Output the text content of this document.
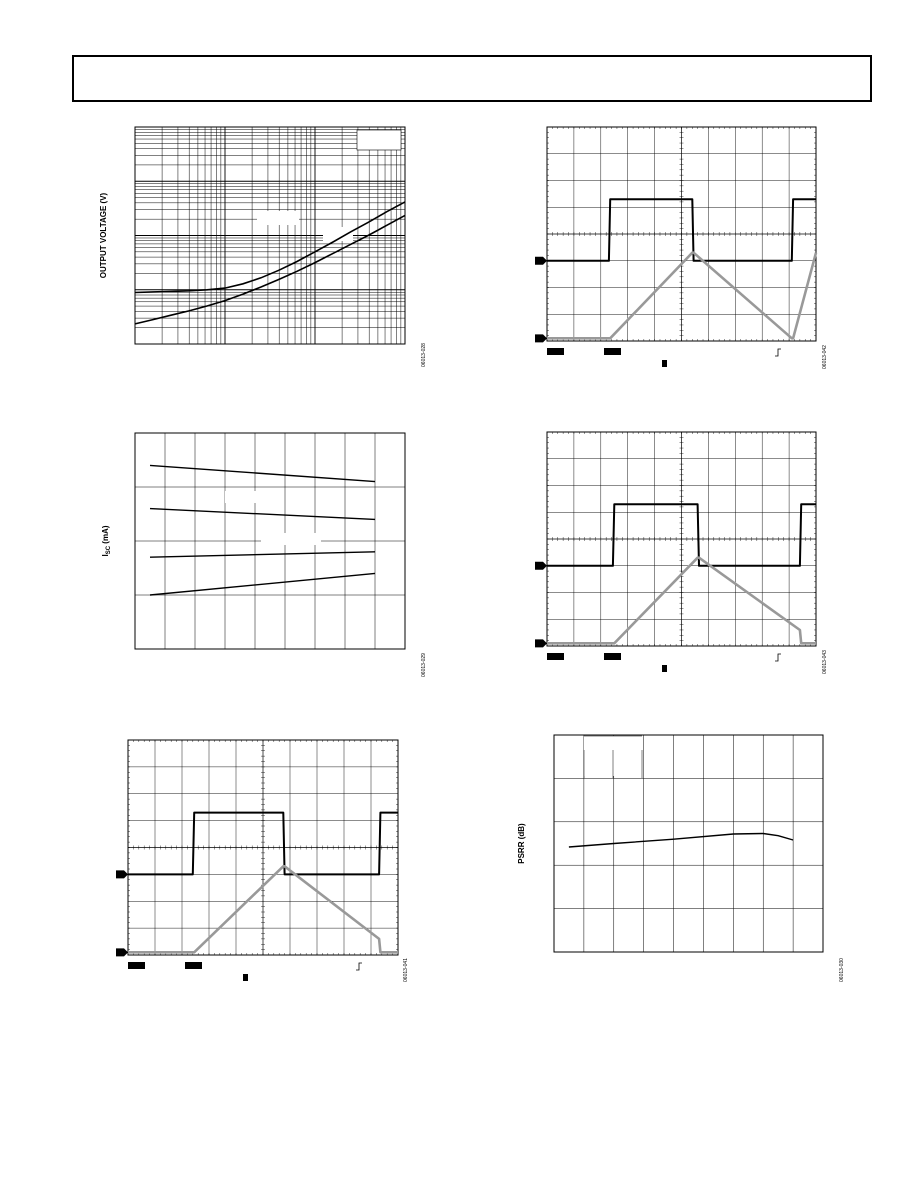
OUTPUT VOLTAGE (V)
06013-028
$I_{SC}$ (mA)
06013-029
06013-041
06013-042
06013-043
PSRR (dB)
06013-030
